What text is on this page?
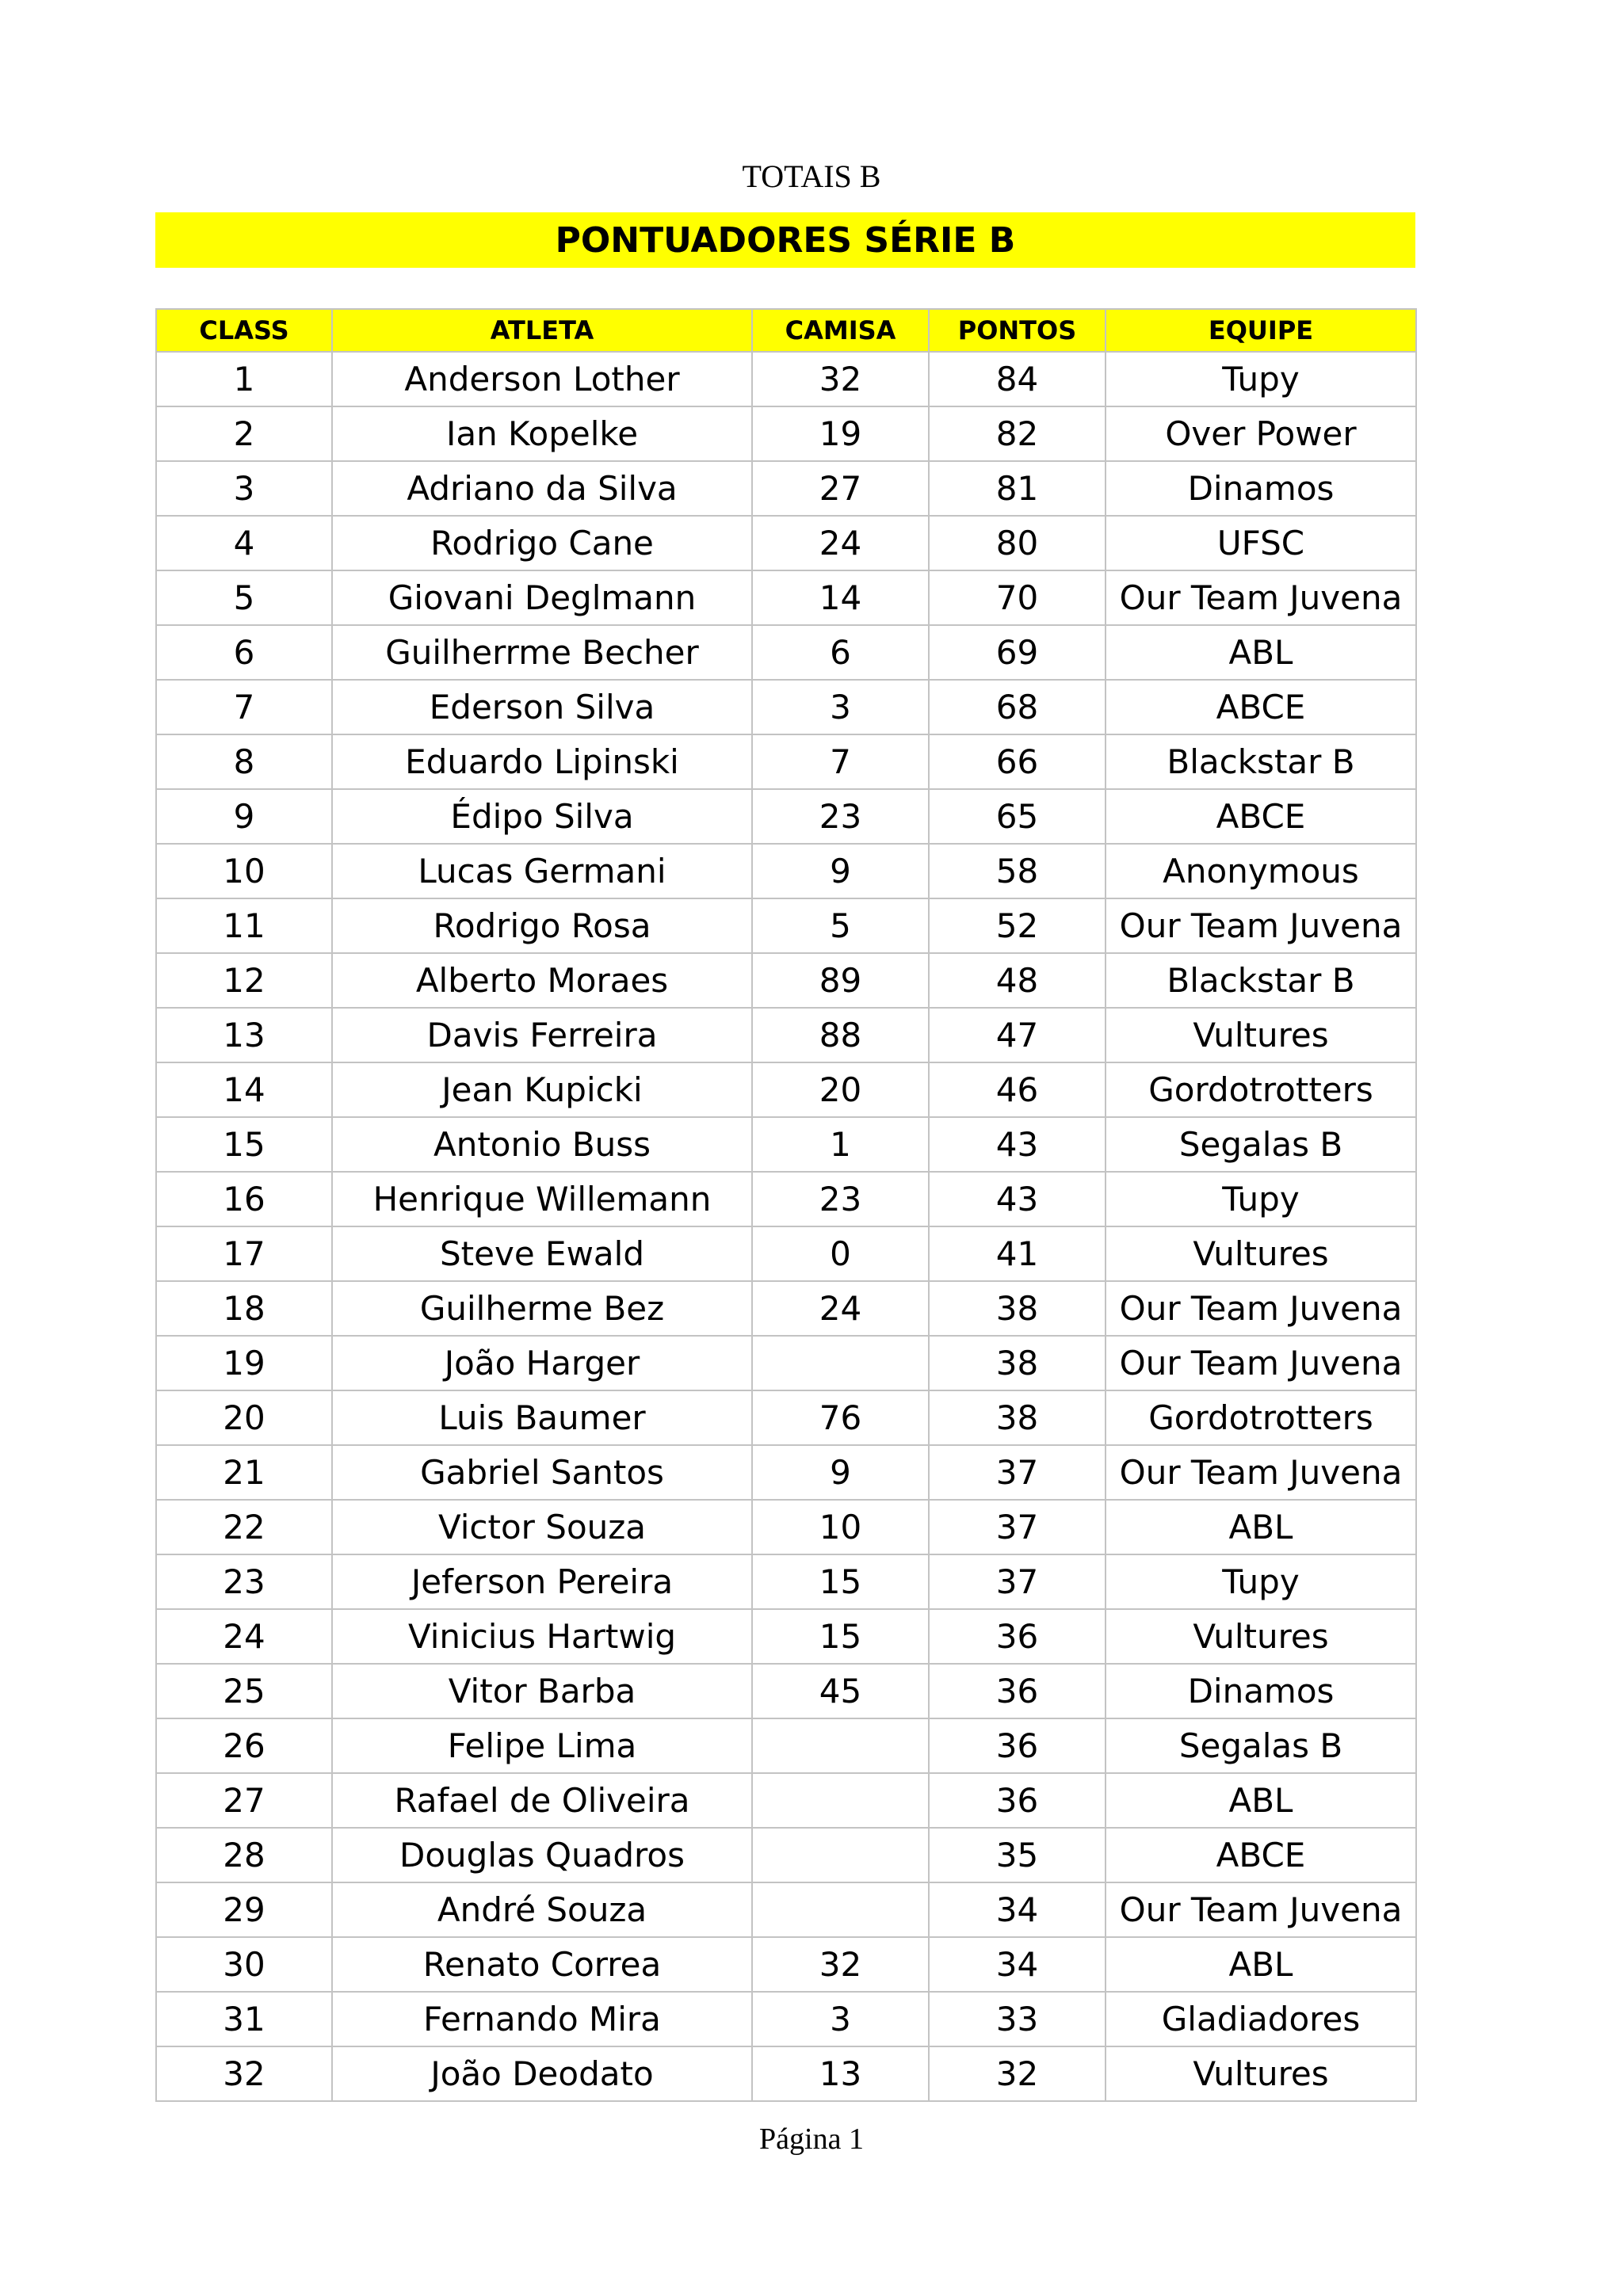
TOTAIS B
PONTUADORES SÉRIE B
CLASS	ATLETA	CAMISA	PONTOS	EQUIPE
1	Anderson Lother	32	84	Tupy
2	Ian Kopelke	19	82	Over Power
3	Adriano da Silva	27	81	Dinamos
4	Rodrigo Cane	24	80	UFSC
5	Giovani Deglmann	14	70	Our Team Juvena
6	Guilherrme Becher	6	69	ABL
7	Ederson Silva	3	68	ABCE
8	Eduardo Lipinski	7	66	Blackstar B
9	Édipo Silva	23	65	ABCE
10	Lucas Germani	9	58	Anonymous
11	Rodrigo Rosa	5	52	Our Team Juvena
12	Alberto Moraes	89	48	Blackstar B
13	Davis Ferreira	88	47	Vultures
14	Jean Kupicki	20	46	Gordotrotters
15	Antonio Buss	1	43	Segalas B
16	Henrique Willemann	23	43	Tupy
17	Steve Ewald	0	41	Vultures
18	Guilherme Bez	24	38	Our Team Juvena
19	João Harger		38	Our Team Juvena
20	Luis Baumer	76	38	Gordotrotters
21	Gabriel Santos	9	37	Our Team Juvena
22	Victor Souza	10	37	ABL
23	Jeferson Pereira	15	37	Tupy
24	Vinicius Hartwig	15	36	Vultures
25	Vitor Barba	45	36	Dinamos
26	Felipe Lima		36	Segalas B
27	Rafael de Oliveira		36	ABL
28	Douglas Quadros		35	ABCE
29	André Souza		34	Our Team Juvena
30	Renato Correa	32	34	ABL
31	Fernando Mira	3	33	Gladiadores
32	João Deodato	13	32	Vultures
Página 1
